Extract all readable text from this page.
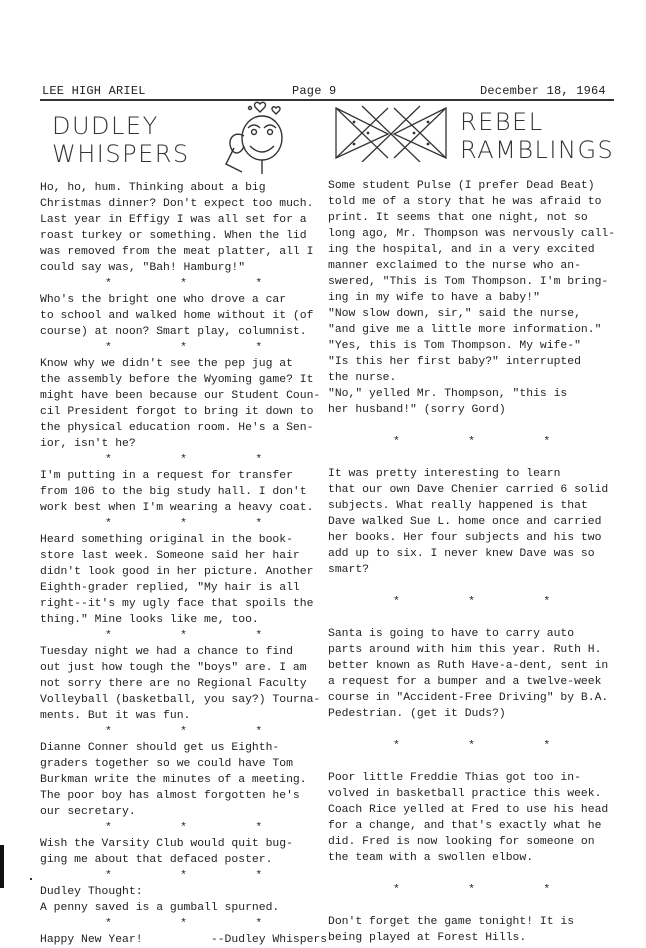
LEE HIGH ARIEL	Page 9	December 18, 1964
DUDLEY
WHISPERS
REBEL
RAMBLINGS
Ho, ho, hum. Thinking about a big
Christmas dinner? Don't expect too much.
Last year in Effigy I was all set for a
roast turkey or something. When the lid
was removed from the meat platter, all I
could say was, "Bah! Hamburg!"
*          *          *
Who's the bright one who drove a car
to school and walked home without it (of
course) at noon? Smart play, columnist.
*          *          *
Know why we didn't see the pep jug at
the assembly before the Wyoming game? It
might have been because our Student Coun-
cil President forgot to bring it down to
the physical education room. He's a Sen-
ior, isn't he?
*          *          *
I'm putting in a request for transfer
from 106 to the big study hall. I don't
work best when I'm wearing a heavy coat.
*          *          *
Heard something original in the book-
store last week. Someone said her hair
didn't look good in her picture. Another
Eighth-grader replied, "My hair is all
right--it's my ugly face that spoils the
thing." Mine looks like me, too.
*          *          *
Tuesday night we had a chance to find
out just how tough the "boys" are. I am
not sorry there are no Regional Faculty
Volleyball (basketball, you say?) Tourna-
ments. But it was fun.
*          *          *
Dianne Conner should get us Eighth-
graders together so we could have Tom
Burkman write the minutes of a meeting.
The poor boy has almost forgotten he's
our secretary.
*          *          *
Wish the Varsity Club would quit bug-
ging me about that defaced poster.
*          *          *
Dudley Thought:
A penny saved is a gumball spurned.
*          *          *
Happy New Year!          --Dudley Whispers
Some student Pulse (I prefer Dead Beat)
told me of a story that he was afraid to
print. It seems that one night, not so
long ago, Mr. Thompson was nervously call-
ing the hospital, and in a very excited
manner exclaimed to the nurse who an-
swered, "This is Tom Thompson. I'm bring-
ing in my wife to have a baby!"
"Now slow down, sir," said the nurse,
"and give me a little more information."
"Yes, this is Tom Thompson. My wife-"
"Is this her first baby?" interrupted
the nurse.
"No," yelled Mr. Thompson, "this is
her husband!" (sorry Gord)
*          *          *
It was pretty interesting to learn
that our own Dave Chenier carried 6 solid
subjects. What really happened is that
Dave walked Sue L. home once and carried
her books. Her four subjects and his two
add up to six. I never knew Dave was so
smart?
*          *          *
Santa is going to have to carry auto
parts around with him this year. Ruth H.
better known as Ruth Have-a-dent, sent in
a request for a bumper and a twelve-week
course in "Accident-Free Driving" by B.A.
Pedestrian. (get it Duds?)
*          *          *
Poor little Freddie Thias got too in-
volved in basketball practice this week.
Coach Rice yelled at Fred to use his head
for a change, and that's exactly what he
did. Fred is now looking for someone on
the team with a swollen elbow.
*          *          *
Don't forget the game tonight! It is
being played at Forest Hills.
